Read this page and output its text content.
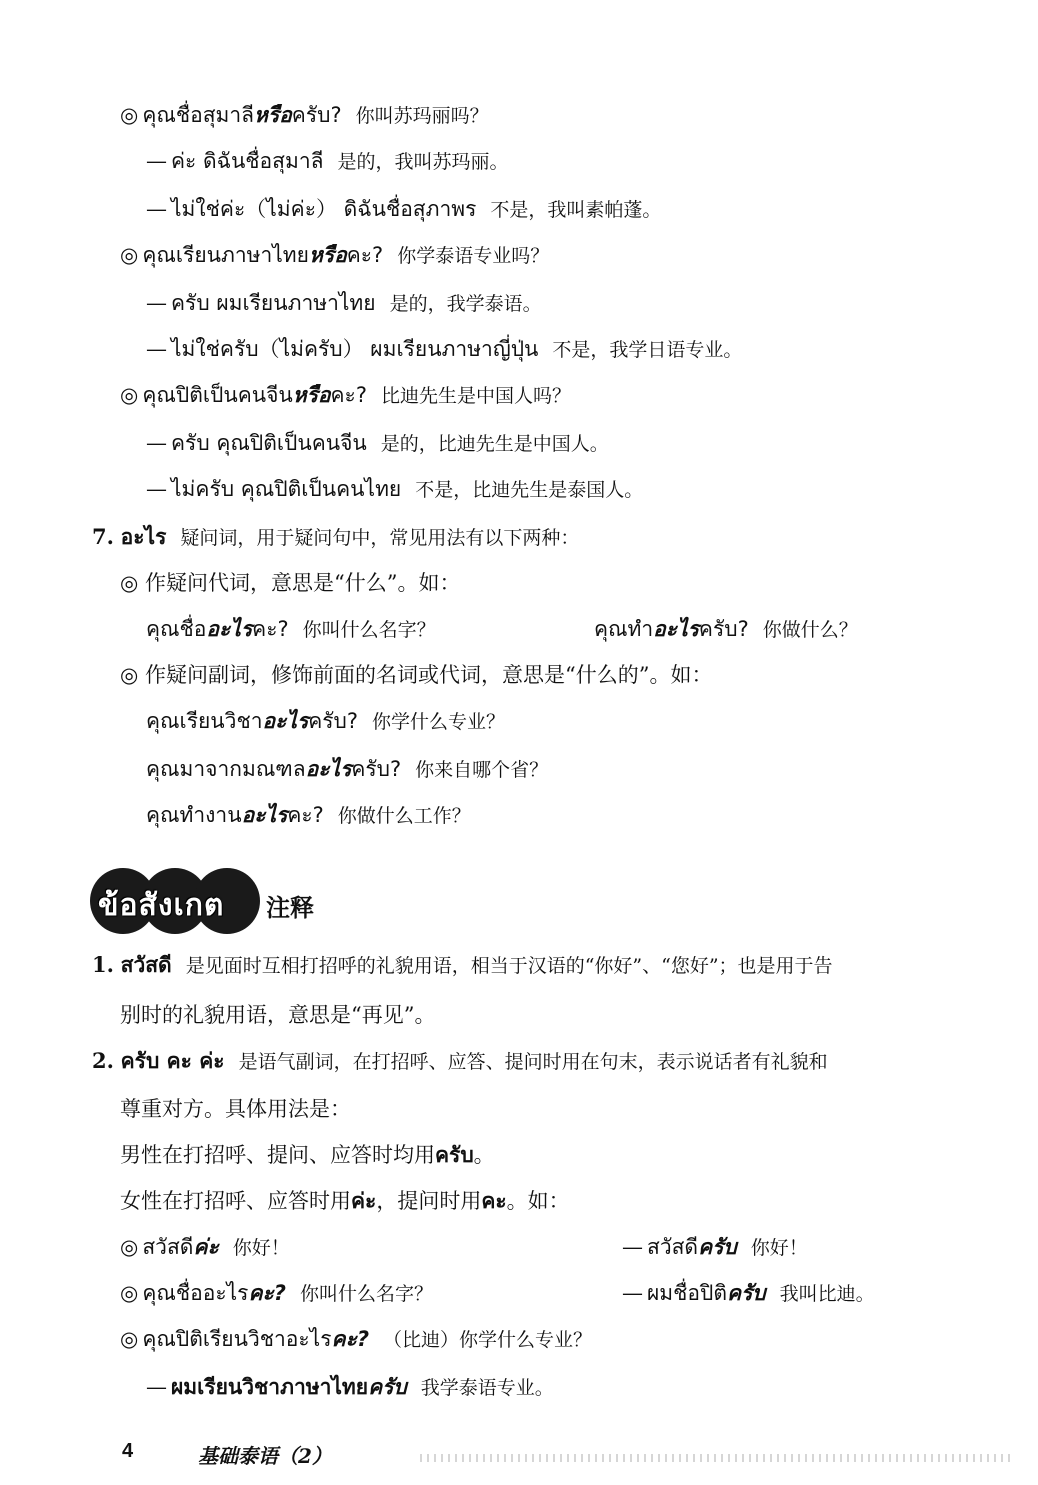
◎ คุณชื่อสุมาลีหรือครับ? 你叫苏玛丽吗？
— ค่ะ ดิฉันชื่อสุมาลี 是的，我叫苏玛丽。
— ไม่ใช่ค่ะ（ไม่ค่ะ） ดิฉันชื่อสุภาพร 不是，我叫素帕蓬。
◎ คุณเรียนภาษาไทยหรือคะ? 你学泰语专业吗？
— ครับ ผมเรียนภาษาไทย 是的，我学泰语。
— ไม่ใช่ครับ（ไม่ครับ） ผมเรียนภาษาญี่ปุ่น 不是，我学日语专业。
◎ คุณปิติเป็นคนจีนหรือคะ? 比迪先生是中国人吗？
— ครับ คุณปิติเป็นคนจีน 是的，比迪先生是中国人。
— ไม่ครับ คุณปิติเป็นคนไทย 不是，比迪先生是泰国人。
7. อะไร 疑问词，用于疑问句中，常见用法有以下两种：
◎ 作疑问代词，意思是“什么”。如：
คุณชื่ออะไรคะ? 你叫什么名字？	คุณทำอะไรครับ? 你做什么？
◎ 作疑问副词，修饰前面的名词或代词，意思是“什么的”。如：
คุณเรียนวิชาอะไรครับ? 你学什么专业？
คุณมาจากมณฑลอะไรครับ? 你来自哪个省？
คุณทำงานอะไรคะ? 你做什么工作？
ข้อสังเกต 注释
1. สวัสดี 是见面时互相打招呼的礼貌用语，相当于汉语的“你好”、“您好”；也是用于告
别时的礼貌用语，意思是“再见”。
2. ครับ คะ ค่ะ 是语气副词，在打招呼、应答、提问时用在句末，表示说话者有礼貌和
尊重对方。具体用法是：
男性在打招呼、提问、应答时均用ครับ。
女性在打招呼、应答时用ค่ะ，提问时用คะ。如：
◎ สวัสดีค่ะ 你好！	— สวัสดีครับ 你好！
◎ คุณชื่ออะไรคะ? 你叫什么名字？	— ผมชื่อปิติครับ 我叫比迪。
◎ คุณปิติเรียนวิชาอะไรคะ? （比迪）你学什么专业？
— ผมเรียนวิชาภาษาไทยครับ 我学泰语专业。
4	基础泰语（2）
